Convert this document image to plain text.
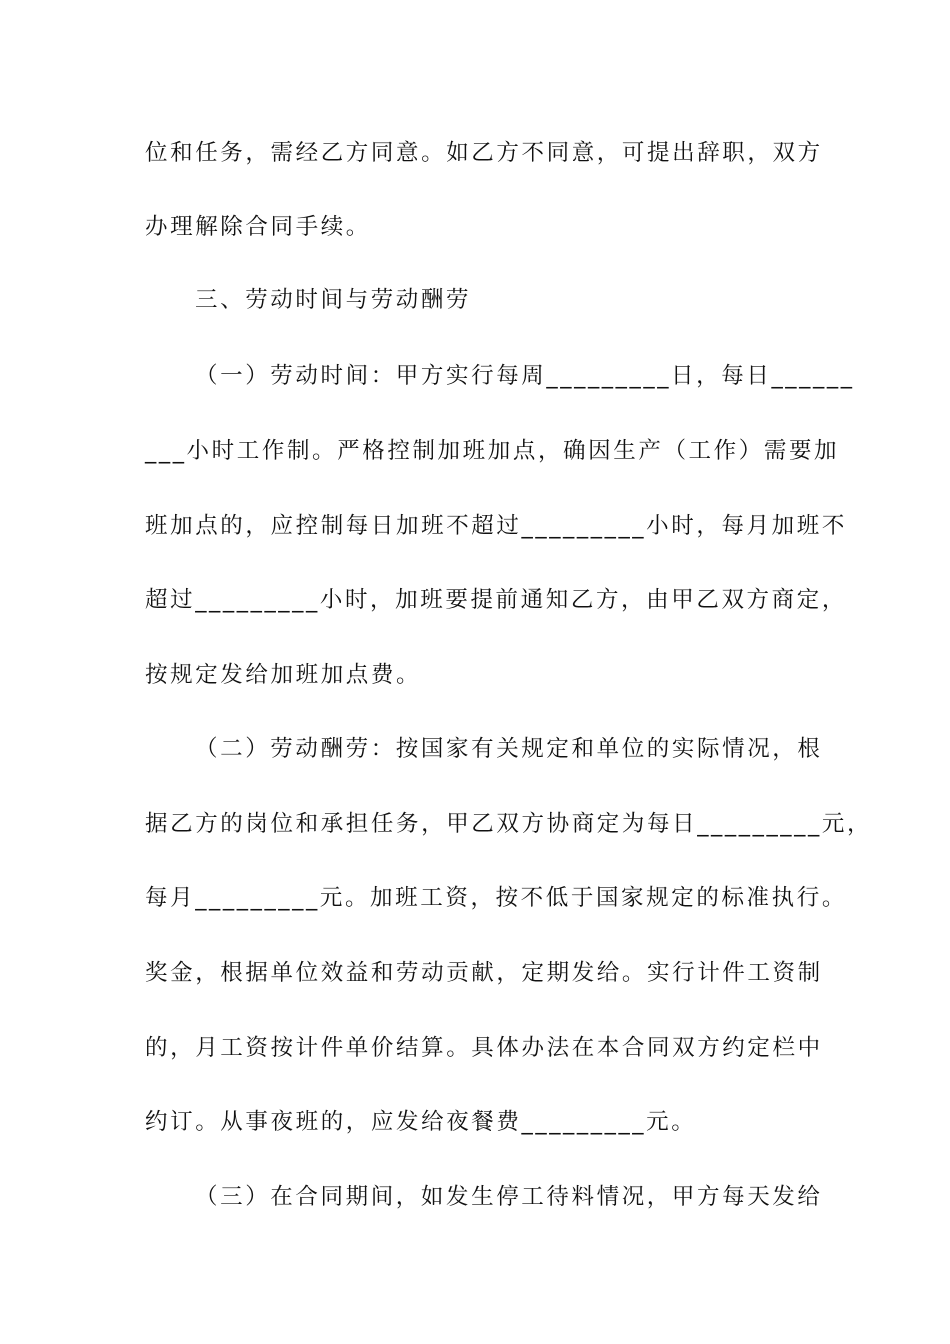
位和任务，需经乙方同意。如乙方不同意，可提出辞职，双方
办理解除合同手续。
三、劳动时间与劳动酬劳
（一）劳动时间：甲方实行每周_________日，每日______
___小时工作制。严格控制加班加点，确因生产（工作）需要加
班加点的，应控制每日加班不超过_________小时，每月加班不
超过_________小时，加班要提前通知乙方，由甲乙双方商定，
按规定发给加班加点费。
（二）劳动酬劳：按国家有关规定和单位的实际情况，根
据乙方的岗位和承担任务，甲乙双方协商定为每日_________元，
每月_________元。加班工资，按不低于国家规定的标准执行。
奖金，根据单位效益和劳动贡献，定期发给。实行计件工资制
的，月工资按计件单价结算。具体办法在本合同双方约定栏中
约订。从事夜班的，应发给夜餐费_________元。
（三）在合同期间，如发生停工待料情况，甲方每天发给
